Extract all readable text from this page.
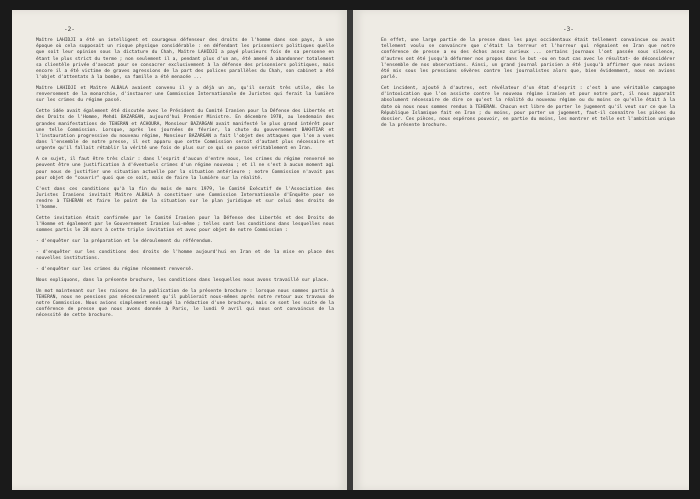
-2-

Maître LAHIDJI a été un intelligent et courageux défenseur des droits de l'homme dans son pays, à une époque où cela supposait un risque physique considérable : en défendant les prisonniers politiques quelle que soit leur opinion sous la dictature du Chah, Maître LAHIDJI a payé plusieurs fois de sa personne en étant le plus strict du terme ; non seulement il a, pendant plus d'un an, été amené à abandonner totalement sa clientèle privée d'avocat pour se consacrer exclusivement à la défense des prisonniers politiques, mais encore il a été victime de graves agressions de la part des polices parallèles du Chah, son cabinet a été l'objet d'attentats à la bombe, sa famille a été menacée ...

Maître LAHIDJI et Maître ALBALA avaient convenu il y a déjà un an, qu'il serait très utile, dès le renversement de la monarchie, d'instaurer une Commission Internationale de Juristes qui ferait la lumière sur les crimes du régime passé.

Cette idée avait également été discutée avec le Président du Comité Iranien pour la Défense des Libertés et des Droits de l'Homme, Mehdi BAZARGAN, aujourd'hui Premier Ministre. En décembre 1978, au lendemain des grandes manifestations de TEHERAN et ACHOURA, Monsieur BAZARGAN avait manifesté le plus grand intérêt pour une telle Commission. Lorsque, après les journées de février, la chute du gouvernement BAKHTIAR et l'instauration progressive du nouveau régime, Monsieur BAZARGAN a fait l'objet des attaques que l'on a vues dans l'ensemble de notre presse, il est apparu que cette Commission serait d'autant plus nécessaire et urgente qu'il fallait rétablir la vérité une fois de plus sur ce qui se passe véritablement en Iran.

A ce sujet, il faut être très clair : dans l'esprit d'aucun d'entre nous, les crimes du régime renversé ne peuvent être une justification à d'éventuels crimes d'un régime nouveau ; et il ne s'est à aucun moment agi pour nous de justifier une situation actuelle par la situation antérieure ; notre Commission n'avait pas pour objet de "couvrir" quoi que ce soit, mais de faire la lumière sur la réalité.

C'est dans ces conditions qu'à la fin du mois de mars 1979, le Comité Exécutif de l'Association des Juristes Iraniens invitait Maître ALBALA à constituer une Commission Internationale d'Enquête pour se rendre à TEHERAN et faire le point de la situation sur le plan juridique et sur celui des droits de l'homme.

Cette invitation était confirmée par le Comité Iranien pour la Défense des Libertés et des Droits de l'Homme et également par le Gouvernement Iranien lui-même ; telles sont les conditions dans lesquelles nous sommes partis le 28 mars à cette triple invitation et avec pour objet de notre Commission :

- d'enquêter sur la préparation et le déroulement du référendum.

- d'enquêter sur les conditions des droits de l'homme aujourd'hui en Iran et de la mise en place des nouvelles institutions.

- d'enquêter sur les crimes du régime récemment renversé.

Nous expliquons, dans la présente brochure, les conditions dans lesquelles nous avons travaillé sur place.

Un mot maintenant sur les raisons de la publication de la présente brochure : lorsque nous sommes partis à TEHERAN, nous ne pensions pas nécessairement qu'il publierait nous-mêmes après notre retour aux travaux de notre Commission. Nous avions simplement envisagé la rédaction d'une brochure, mais ce sont les suite de la conférence de presse que nous avons donnée à Paris, le lundi 9 avril qui nous ont convaincus de la nécessité de cette brochure.

-3-

En effet, une large partie de la presse dans les pays occidentaux était tellement convaincue ou avait tellement voulu se convaincre que c'était la terreur et l'horreur qui régnaient en Iran que notre conférence de presse a eu des échos assez curieux ... certains journaux l'ont passée sous silence, d'autres ont été jusqu'à déformer nos propos dans le but -ou en tout cas avec le résultat- de déconsidérer l'ensemble de nos observations. Ainsi, un grand journal parisien a été jusqu'à affirmer que nous avions été mis sous les pressions sévères contre les journalistes alors que, bien évidemment, nous en avions parlé.

Cet incident, ajouté à d'autres, est révélateur d'un état d'esprit : c'est à une véritable campagne d'intoxication que l'on assiste contre le nouveau régime iranien et pour notre part, il nous apparaît absolument nécessaire de dire ce qu'est la réalité du nouveau régime ou du moins ce qu'elle était à la date où nous nous sommes rendus à TEHERAN. Chacun est libre de porter le jugement qu'il veut sur ce que la République Islamique fait en Iran ; du moins, pour porter un jugement, faut-il connaître les pièces du dossier. Ces pièces, nous espérons pouvoir, en partie du moins, les montrer et telle est l'ambition unique de la présente brochure.
